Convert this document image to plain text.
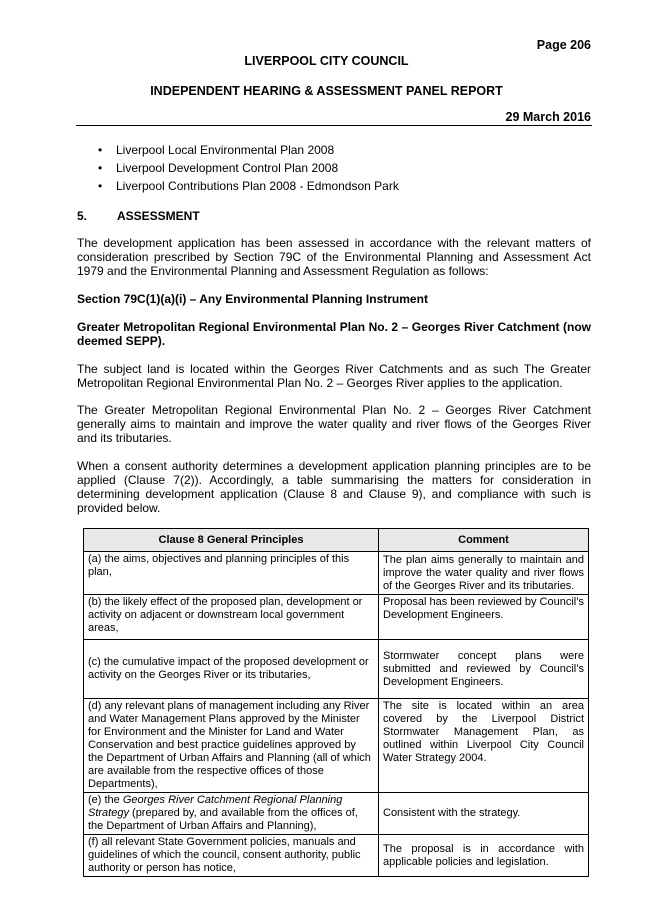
Page 206
LIVERPOOL CITY COUNCIL
INDEPENDENT HEARING & ASSESSMENT PANEL REPORT
29 March 2016
• Liverpool Local Environmental Plan 2008
• Liverpool Development Control Plan 2008
• Liverpool Contributions Plan 2008 - Edmondson Park
5. ASSESSMENT
The development application has been assessed in accordance with the relevant matters of consideration prescribed by Section 79C of the Environmental Planning and Assessment Act 1979 and the Environmental Planning and Assessment Regulation as follows:
Section 79C(1)(a)(i) – Any Environmental Planning Instrument
Greater Metropolitan Regional Environmental Plan No. 2 – Georges River Catchment (now deemed SEPP).
The subject land is located within the Georges River Catchments and as such The Greater Metropolitan Regional Environmental Plan No. 2 – Georges River applies to the application.
The Greater Metropolitan Regional Environmental Plan No. 2 – Georges River Catchment generally aims to maintain and improve the water quality and river flows of the Georges River and its tributaries.
When a consent authority determines a development application planning principles are to be applied (Clause 7(2)). Accordingly, a table summarising the matters for consideration in determining development application (Clause 8 and Clause 9), and compliance with such is provided below.
Clause 8 General Principles	Comment
(a) the aims, objectives and planning principles of this plan,	The plan aims generally to maintain and improve the water quality and river flows of the Georges River and its tributaries.
(b) the likely effect of the proposed plan, development or activity on adjacent or downstream local government areas,	Proposal has been reviewed by Council’s Development Engineers.
(c) the cumulative impact of the proposed development or activity on the Georges River or its tributaries,	Stormwater concept plans were submitted and reviewed by Council’s Development Engineers.
(d) any relevant plans of management including any River and Water Management Plans approved by the Minister for Environment and the Minister for Land and Water Conservation and best practice guidelines approved by the Department of Urban Affairs and Planning (all of which are available from the respective offices of those Departments),	The site is located within an area covered by the Liverpool District Stormwater Management Plan, as outlined within Liverpool City Council Water Strategy 2004.
(e) the Georges River Catchment Regional Planning Strategy (prepared by, and available from the offices of, the Department of Urban Affairs and Planning),	Consistent with the strategy.
(f) all relevant State Government policies, manuals and guidelines of which the council, consent authority, public authority or person has notice,	The proposal is in accordance with applicable policies and legislation.
